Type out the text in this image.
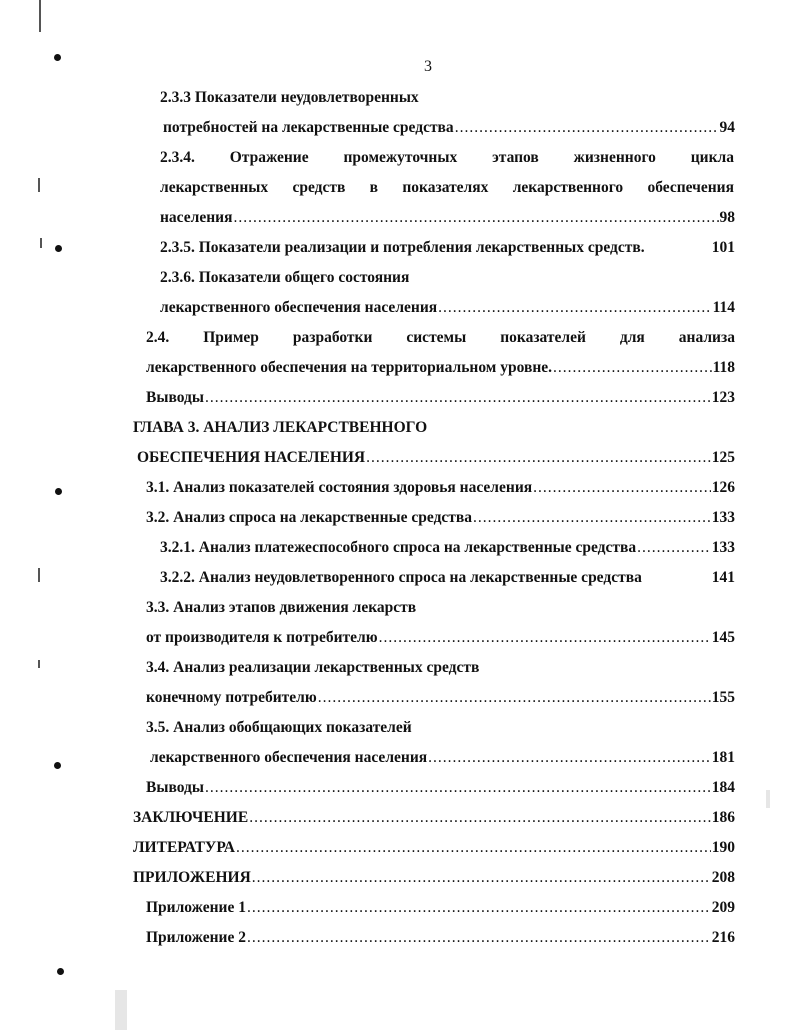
3
2.3.3 Показатели неудовлетворенных
потребностей на лекарственные средства .....	94
2.3.4. Отражение промежуточных этапов жизненного цикла
лекарственных средств в показателях лекарственного обеспечения
населения .....	98
2.3.5. Показатели реализации и потребления лекарственных средств.	101
2.3.6. Показатели общего состояния
лекарственного обеспечения населения .....	114
2.4. Пример разработки системы показателей для анализа
лекарственного обеспечения на территориальном уровне. .....	118
Выводы .....	123
ГЛАВА 3. АНАЛИЗ ЛЕКАРСТВЕННОГО
ОБЕСПЕЧЕНИЯ НАСЕЛЕНИЯ .....	125
3.1. Анализ показателей состояния здоровья населения .....	126
3.2. Анализ спроса на лекарственные средства .....	133
3.2.1. Анализ платежеспособного спроса на лекарственные средства .....	133
3.2.2. Анализ неудовлетворенного спроса на лекарственные средства	141
3.3. Анализ этапов движения лекарств
от производителя к потребителю .....	145
3.4. Анализ реализации лекарственных средств
конечному потребителю .....	155
3.5. Анализ обобщающих показателей
лекарственного обеспечения населения .....	181
Выводы .....	184
ЗАКЛЮЧЕНИЕ .....	186
ЛИТЕРАТУРА .....	190
ПРИЛОЖЕНИЯ .....	208
Приложение 1 .....	209
Приложение 2 .....	216
